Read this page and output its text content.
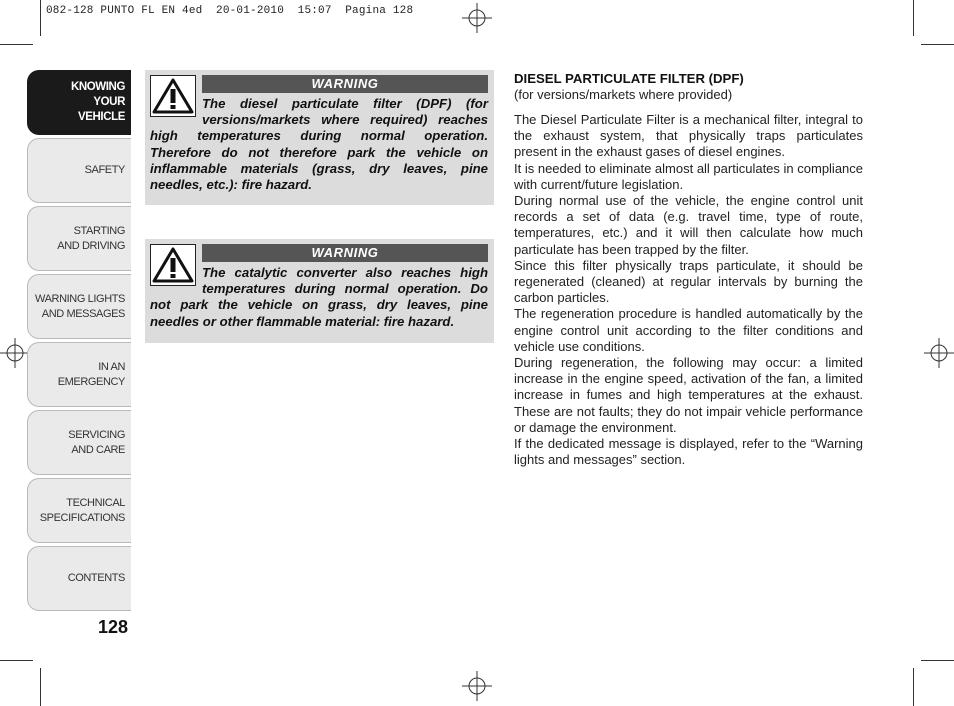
082-128 PUNTO FL EN 4ed  20-01-2010  15:07  Pagina 128
KNOWING
YOUR
VEHICLE
SAFETY
STARTING
AND DRIVING
WARNING LIGHTS
AND MESSAGES
IN AN
EMERGENCY
SERVICING
AND CARE
TECHNICAL
SPECIFICATIONS
CONTENTS
128
WARNING
The diesel particulate filter (DPF) (for versions/markets where required) reaches high temperatures during normal operation. Therefore do not therefore park the vehicle on inflammable materials (grass, dry leaves, pine needles, etc.): fire hazard.
WARNING
The catalytic converter also reaches high temperatures during normal operation. Do not park the vehicle on grass, dry leaves, pine needles or other flammable material: fire hazard.
DIESEL PARTICULATE FILTER (DPF)

(for versions/markets where provided)

The Diesel Particulate Filter is a mechanical filter, integral to the exhaust system, that physically traps particulates present in the exhaust gases of diesel engines.

It is needed to eliminate almost all particulates in compliance with current/future legislation.

During normal use of the vehicle, the engine control unit records a set of data (e.g. travel time, type of route, temperatures, etc.) and it will then calculate how much particulate has been trapped by the filter.

Since this filter physically traps particulate, it should be regenerated (cleaned) at regular intervals by burning the carbon particles.

The regeneration procedure is handled automatically by the engine control unit according to the filter conditions and vehicle use conditions.

During regeneration, the following may occur: a limited increase in the engine speed, activation of the fan, a limited increase in fumes and high temperatures at the exhaust. These are not faults; they do not impair vehicle performance or damage the environment.

If the dedicated message is displayed, refer to the “Warning lights and messages” section.
